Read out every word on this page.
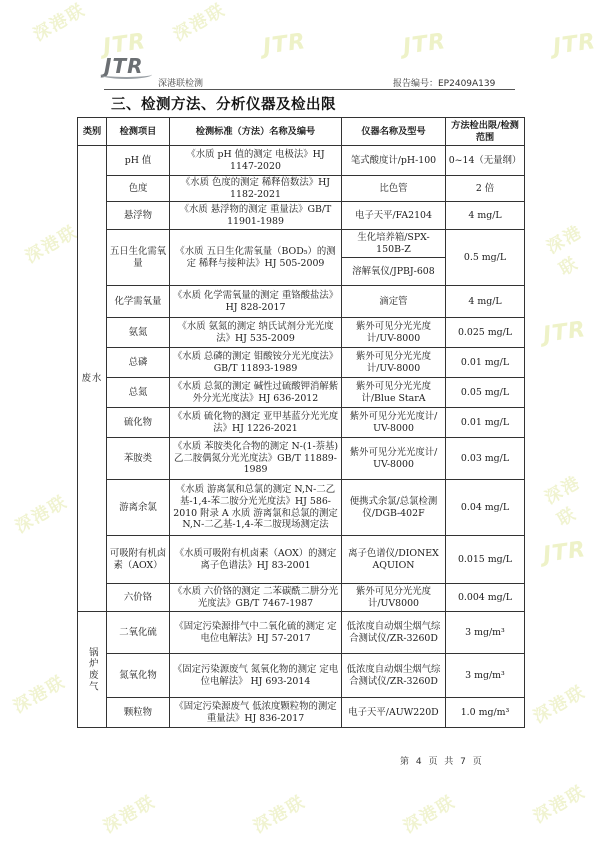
JTR	JTR	JTR	JTR
JTR
JTR
深港联	深港联
深港联	深港联
深港联
深港联
深港联	深港联
深港联	深港联	深港联	深港联
JTR
深港联检测	报告编号：EP2409A139
三、检测方法、分析仪器及检出限
类别	检测项目	检测标准（方法）名称及编号	仪器名称及型号	方法检出限/检测范围
废水	pH 值	《水质 pH 值的测定 电极法》HJ 1147-2020	笔式酸度计/pH-100	0~14（无量纲）
	色度	《水质 色度的测定 稀释倍数法》HJ 1182-2021	比色管	2 倍
	悬浮物	《水质 悬浮物的测定 重量法》GB/T 11901-1989	电子天平/FA2104	4 mg/L
	五日生化需氧量	《水质 五日生化需氧量（BOD₅）的测定 稀释与接种法》HJ 505-2009	生化培养箱/SPX-150B-Z	0.5 mg/L
			溶解氧仪/JPBJ-608	
	化学需氧量	《水质 化学需氧量的测定 重铬酸盐法》HJ 828-2017	滴定管	4 mg/L
	氨氮	《水质 氨氮的测定 纳氏试剂分光光度法》HJ 535-2009	紫外可见分光光度计/UV-8000	0.025 mg/L
	总磷	《水质 总磷的测定 钼酸铵分光光度法》GB/T 11893-1989	紫外可见分光光度计/UV-8000	0.01 mg/L
	总氮	《水质 总氮的测定 碱性过硫酸钾消解紫外分光光度法》HJ 636-2012	紫外可见分光光度计/Blue StarA	0.05 mg/L
	硫化物	《水质 硫化物的测定 亚甲基蓝分光光度法》HJ 1226-2021	紫外可见分光光度计/ UV-8000	0.01 mg/L
	苯胺类	《水质 苯胺类化合物的测定 N-(1-萘基)乙二胺偶氮分光光度法》GB/T 11889-1989	紫外可见分光光度计/ UV-8000	0.03 mg/L
	游离余氯	《水质 游离氯和总氯的测定 N,N-二乙基-1,4-苯二胺分光光度法》HJ 586-2010 附录 A 水质 游离氯和总氯的测定 N,N-二乙基-1,4-苯二胺现场测定法	便携式余氯/总氯检测仪/DGB-402F	0.04 mg/L
	可吸附有机卤素（AOX）	《水质可吸附有机卤素（AOX）的测定 离子色谱法》HJ 83-2001	离子色谱仪/DIONEX AQUION	0.015 mg/L
	六价铬	《水质 六价铬的测定 二苯碳酰二肼分光光度法》GB/T 7467-1987	紫外可见分光光度计/UV8000	0.004 mg/L

锅炉废气	二氧化硫	《固定污染源排气中二氧化硫的测定 定电位电解法》HJ 57-2017	低浓度自动烟尘烟气综合测试仪/ZR-3260D	3 mg/m³
	氮氧化物	《固定污染源废气 氮氧化物的测定 定电位电解法》 HJ 693-2014	低浓度自动烟尘烟气综合测试仪/ZR-3260D	3 mg/m³
	颗粒物	《固定污染源废气 低浓度颗粒物的测定 重量法》HJ 836-2017	电子天平/AUW220D	1.0 mg/m³
第 4 页 共 7 页
